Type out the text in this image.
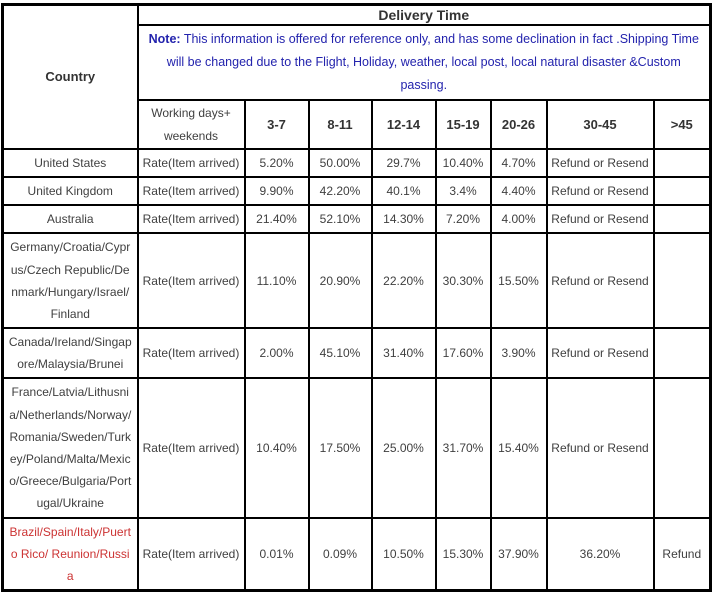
Country	Delivery Time							
	Note: This information is offered for reference only, and has some declination in fact .Shipping Time will be changed due to the Flight, Holiday, weather, local post, local natural disaster &Custom passing.							
	Working days+ weekends	3-7	8-11	12-14	15-19	20-26	30-45	>45
United States	Rate(Item arrived)	5.20%	50.00%	29.7%	10.40%	4.70%	Refund or Resend	
United Kingdom	Rate(Item arrived)	9.90%	42.20%	40.1%	3.4%	4.40%	Refund or Resend	
Australia	Rate(Item arrived)	21.40%	52.10%	14.30%	7.20%	4.00%	Refund or Resend	
Germany/Croatia/Cyprus/Czech Republic/Denmark/Hungary/Israel/Finland	Rate(Item arrived)	11.10%	20.90%	22.20%	30.30%	15.50%	Refund or Resend	
Canada/Ireland/Singapore/Malaysia/Brunei	Rate(Item arrived)	2.00%	45.10%	31.40%	17.60%	3.90%	Refund or Resend	
France/Latvia/Lithusnia/Netherlands/Norway/Romania/Sweden/Turkey/Poland/Malta/Mexico/Greece/Bulgaria/Portugal/Ukraine	Rate(Item arrived)	10.40%	17.50%	25.00%	31.70%	15.40%	Refund or Resend	
Brazil/Spain/Italy/Puerto Rico/ Reunion/Russia	Rate(Item arrived)	0.01%	0.09%	10.50%	15.30%	37.90%	36.20%	Refund
